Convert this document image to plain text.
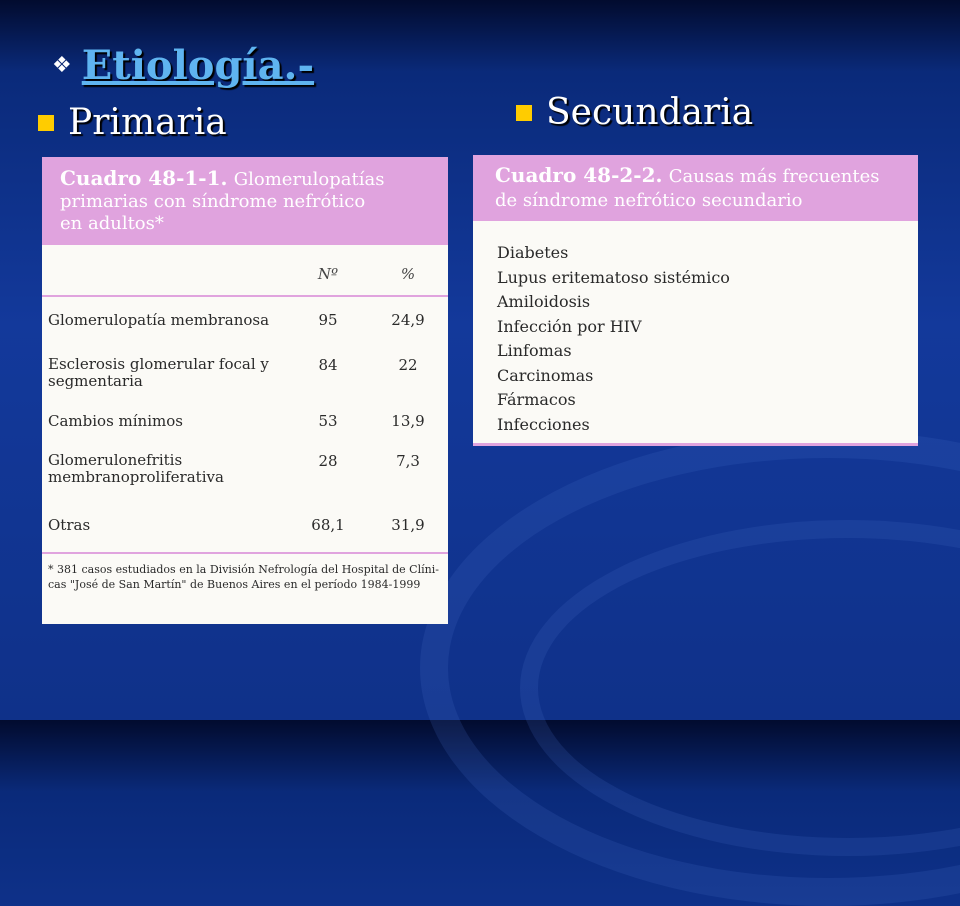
❖ Etiología.-
Primaria	Secundaria
Cuadro 48-1-1. Glomerulopatías
primarias con síndrome nefrótico
en adultos*
	Nº	%

Glomerulopatía membranosa	95	24,9
Esclerosis glomerular focal y
segmentaria	84	22
Cambios mínimos	53	13,9
Glomerulonefritis
membranoproliferativa	28	7,3
Otras	68,1	31,9
* 381 casos estudiados en la División Nefrología del Hospital de Clíni-
cas "José de San Martín" de Buenos Aires en el período 1984-1999
Cuadro 48-2-2. Causas más frecuentes
de síndrome nefrótico secundario
Diabetes
Lupus eritematoso sistémico
Amiloidosis
Infección por HIV
Linfomas
Carcinomas
Fármacos
Infecciones
